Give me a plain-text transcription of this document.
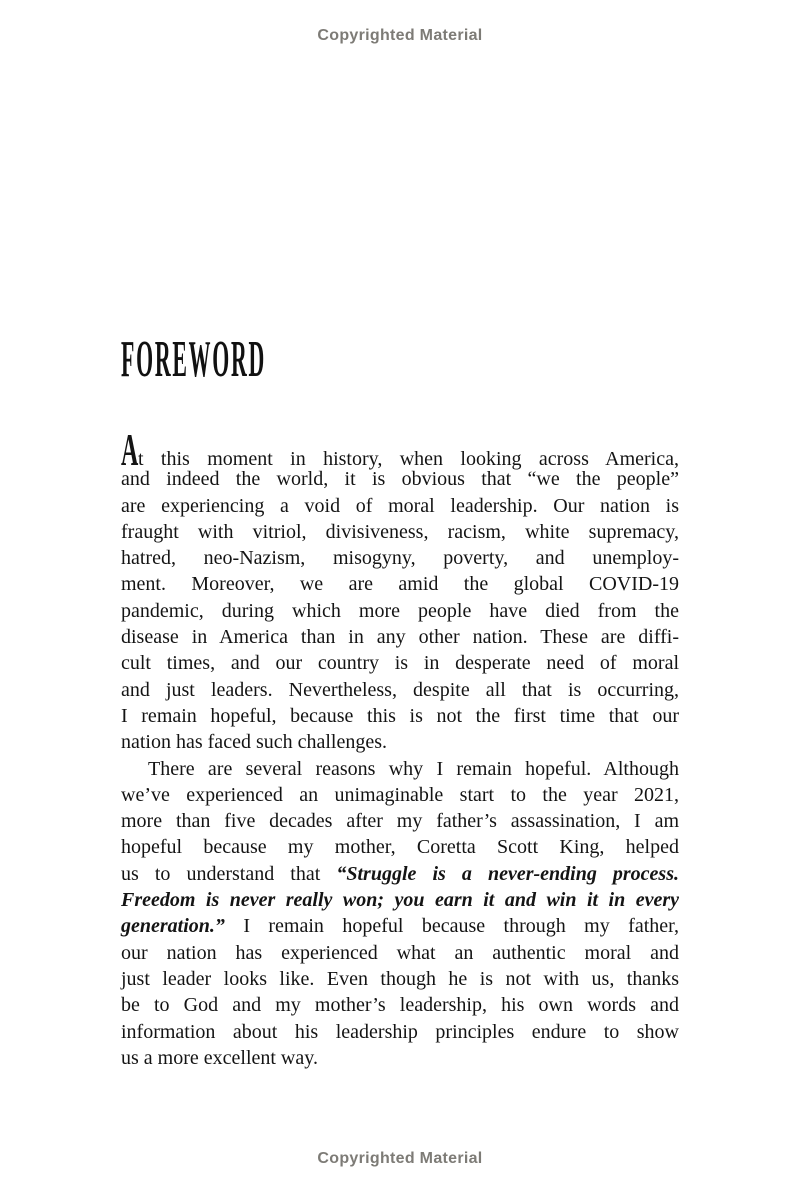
Copyrighted Material
FOREWORD
At this moment in history, when looking across America,
and indeed the world, it is obvious that “we the people”
are experiencing a void of moral leadership. Our nation is
fraught with vitriol, divisiveness, racism, white supremacy,
hatred, neo-Nazism, misogyny, poverty, and unemploy-
ment. Moreover, we are amid the global COVID-19
pandemic, during which more people have died from the
disease in America than in any other nation. These are diffi-
cult times, and our country is in desperate need of moral
and just leaders. Nevertheless, despite all that is occurring,
I remain hopeful, because this is not the first time that our
nation has faced such challenges.
There are several reasons why I remain hopeful. Although
we’ve experienced an unimaginable start to the year 2021,
more than five decades after my father’s assassination, I am
hopeful because my mother, Coretta Scott King, helped
us to understand that “Struggle is a never-ending process.
Freedom is never really won; you earn it and win it in every
generation.” I remain hopeful because through my father,
our nation has experienced what an authentic moral and
just leader looks like. Even though he is not with us, thanks
be to God and my mother’s leadership, his own words and
information about his leadership principles endure to show
us a more excellent way.
Copyrighted Material
